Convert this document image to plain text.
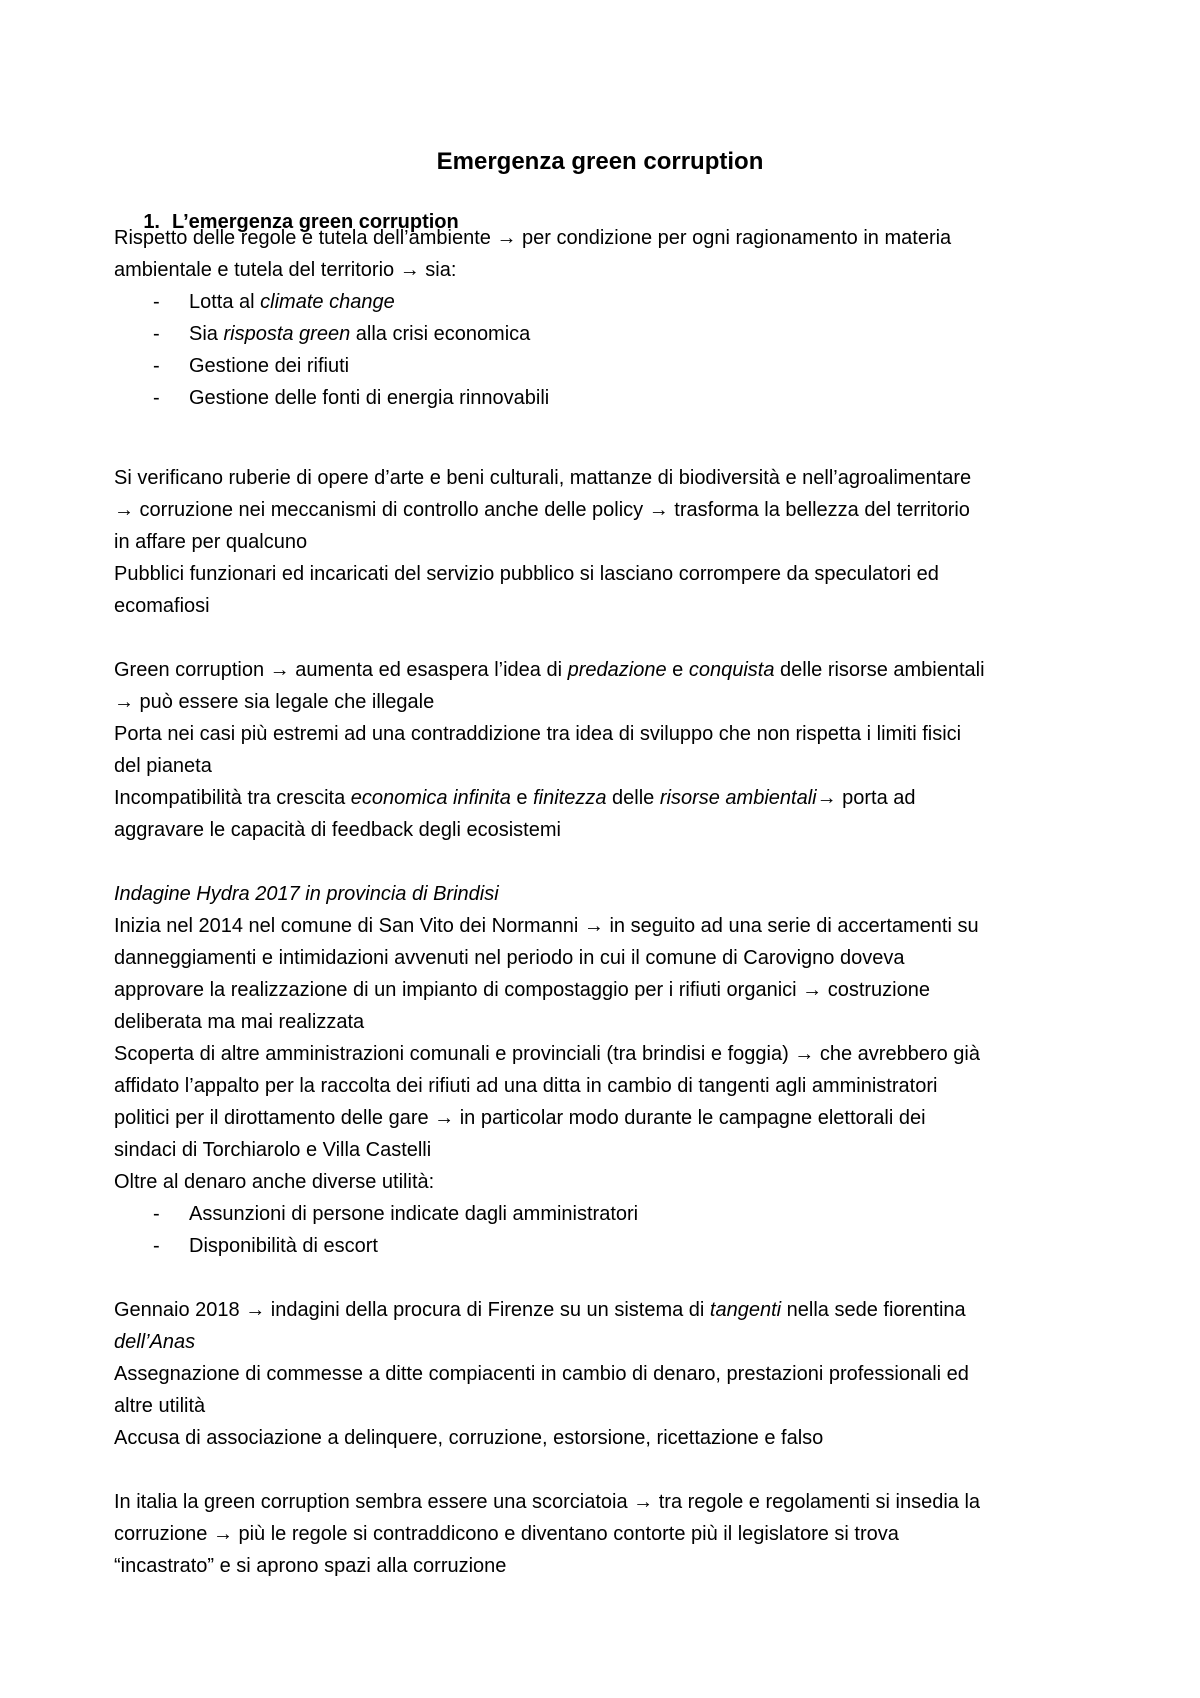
Emergenza green corruption
1. L’emergenza green corruption
Rispetto delle regole e tutela dell’ambiente → per condizione per ogni ragionamento in materia
ambientale e tutela del territorio → sia:
- Lotta al climate change
- Sia risposta green alla crisi economica
- Gestione dei rifiuti
- Gestione delle fonti di energia rinnovabili
Si verificano ruberie di opere d’arte e beni culturali, mattanze di biodiversità e nell’agroalimentare
→ corruzione nei meccanismi di controllo anche delle policy → trasforma la bellezza del territorio
in affare per qualcuno
Pubblici funzionari ed incaricati del servizio pubblico si lasciano corrompere da speculatori ed
ecomafiosi
Green corruption → aumenta ed esaspera l’idea di predazione e conquista delle risorse ambientali
→ può essere sia legale che illegale
Porta nei casi più estremi ad una contraddizione tra idea di sviluppo che non rispetta i limiti fisici
del pianeta
Incompatibilità tra crescita economica infinita e finitezza delle risorse ambientali→ porta ad
aggravare le capacità di feedback degli ecosistemi
Indagine Hydra 2017 in provincia di Brindisi
Inizia nel 2014 nel comune di San Vito dei Normanni → in seguito ad una serie di accertamenti su
danneggiamenti e intimidazioni avvenuti nel periodo in cui il comune di Carovigno doveva
approvare la realizzazione di un impianto di compostaggio per i rifiuti organici → costruzione
deliberata ma mai realizzata
Scoperta di altre amministrazioni comunali e provinciali (tra brindisi e foggia) → che avrebbero già
affidato l’appalto per la raccolta dei rifiuti ad una ditta in cambio di tangenti agli amministratori
politici per il dirottamento delle gare → in particolar modo durante le campagne elettorali dei
sindaci di Torchiarolo e Villa Castelli
Oltre al denaro anche diverse utilità:
- Assunzioni di persone indicate dagli amministratori
- Disponibilità di escort
Gennaio 2018 → indagini della procura di Firenze su un sistema di tangenti nella sede fiorentina
dell’Anas
Assegnazione di commesse a ditte compiacenti in cambio di denaro, prestazioni professionali ed
altre utilità
Accusa di associazione a delinquere, corruzione, estorsione, ricettazione e falso
In italia la green corruption sembra essere una scorciatoia → tra regole e regolamenti si insedia la
corruzione → più le regole si contraddicono e diventano contorte più il legislatore si trova
“incastrato” e si aprono spazi alla corruzione
